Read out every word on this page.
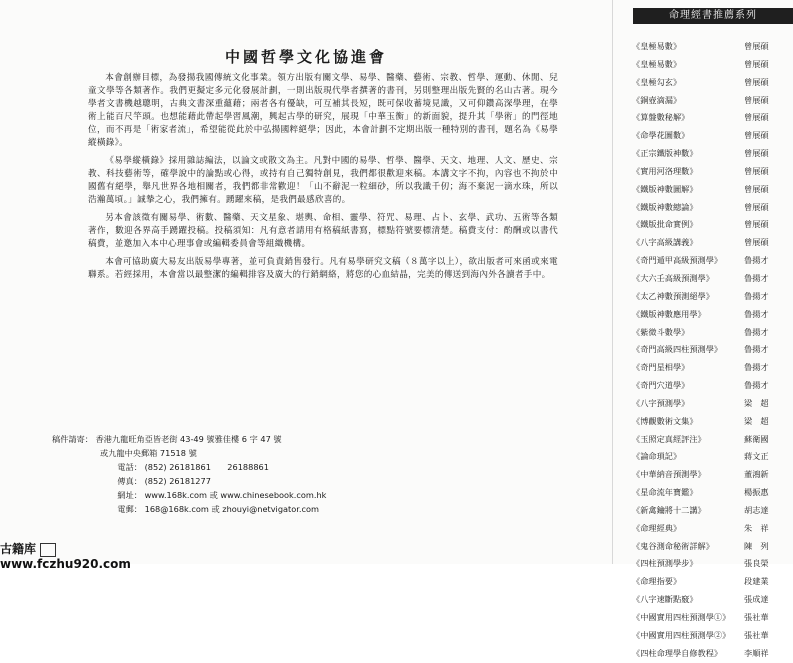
中國哲學文化協進會

本會創辦目標，為發揚我國傳統文化事業。領方出版有關文學、易學、醫藥、藝術、宗教、哲學、運動、休閒、兒童文學等各類著作。我們更擬定多元化發展計劃，一則出版現代學者撰著的書刊，另則整理出版先賢的名山古著。現今學者文書機越聰明，古典文書深重蘊藉；兩者各有優缺，可互補其長短，既可保收蓄境見識，又可仰鑽高深學理，在學術上能百尺竿頭。也想能藉此帶起學習風潮，興起古學的研究，展現「中華玉衡」的新面貌，提升其「學術」的門徑地位，而不再是「術家者流」，希望能從此於中弘揚國粹絕學；因此，本會計劃不定期出版一種特別的書刊，題名為《易學縱橫錄》。

《易學縱橫錄》採用雜誌編法，以論文或散文為主。凡對中國的易學、哲學、醫學、天文、地理、人文、歷史、宗教、科技藝術等，確學說中的論點或心得，或持有自己獨特創見，我們都很歡迎來稿。本講文字不拘，內容也不拘於中國舊有絕學，舉凡世界各地相關者，我們都非常歡迎！「山不辭泥一粒細砂，所以我識千仞；海不棄泥一滴水珠，所以浩瀚萬頃。」誠摯之心，我們擁有。踴躍來稿，是我們最感欣喜的。

另本會該徵有關易學、術數、醫藥、天文星象、堪輿、命相、靈學、符咒、易理、占卜、玄學、武功、五術等各類著作，數迎各界高手踴躍投稿。投稿須知：凡有意者請用有格稿紙書寫，標點符號要標清楚。稿費支付：酌酬或以書代稿費，並邀加入本中心理事會或編輯委員會等組織機構。

本會可協助廣大易友出版易學專著，並可負責銷售發行。凡有易學研究文稿（８萬字以上），欲出版者可來函或來電聯系。若經採用，本會當以最整潔的編輯排容及廣大的行銷網絡，將您的心血結晶，完美的傳送到海內外各讀者手中。

稿件請寄： 香港九龍旺角亞皆老街 43-49 號雅佳樓 6 字 47 號
或九龍中央郵箱 71518 號
電話： (852) 26181861　　26188861
傳真： (852) 26181277
網址： www.168k.com 或 www.chinesebook.com.hk
電郵： 168@168k.com 或 zhouyi@netvigator.com
命理經書推薦系列
《皇極易數》	曾展碩
《皇極易數》	曾展碩
《皇極勾玄》	曾展碩
《銅壺滴漏》	曾展碩
《算盤數秘解》	曾展碩
《命學花圖數》	曾展碩
《正宗鐵版神數》	曾展碩
《實用河洛理數》	曾展碩
《鐵版神數圖解》	曾展碩
《鐵版神數總論》	曾展碩
《鐵版批命實例》	曾展碩
《八字高級講義》	曾展碩
《奇門遁甲高級預測學》	鲁揚才
《大六壬高級預測學》	鲁揚才
《太乙神數預測絕學》	鲁揚才
《鐵版神數應用學》	鲁揚才
《紫微斗數學》	鲁揚才
《奇門高級四柱預測學》	鲁揚才
《奇門星相學》	鲁揚才
《奇門穴道學》	鲁揚才
《八字預測學》	梁　超
《博觀數術文集》	梁　超
《玉照定真經評注》	蘇衛國
《論命瑣記》	蔣文正
《中華納音預測學》	董鴻新
《星命流年寶鑑》	楊振惠
《新禽鑰將十二講》	胡志達
《命理經典》	朱　祥
《鬼谷測命秘術詳解》	陳　列
《四柱預測學步》	張良榮
《命理指要》	段建業
《八字速斷點竅》	張成達
《中國實用四柱預測學①》 張社華
《中國實用四柱預測學②》 張社華
《四柱命理學自修教程》	李順祥
古籍库www.fczhu920.com
